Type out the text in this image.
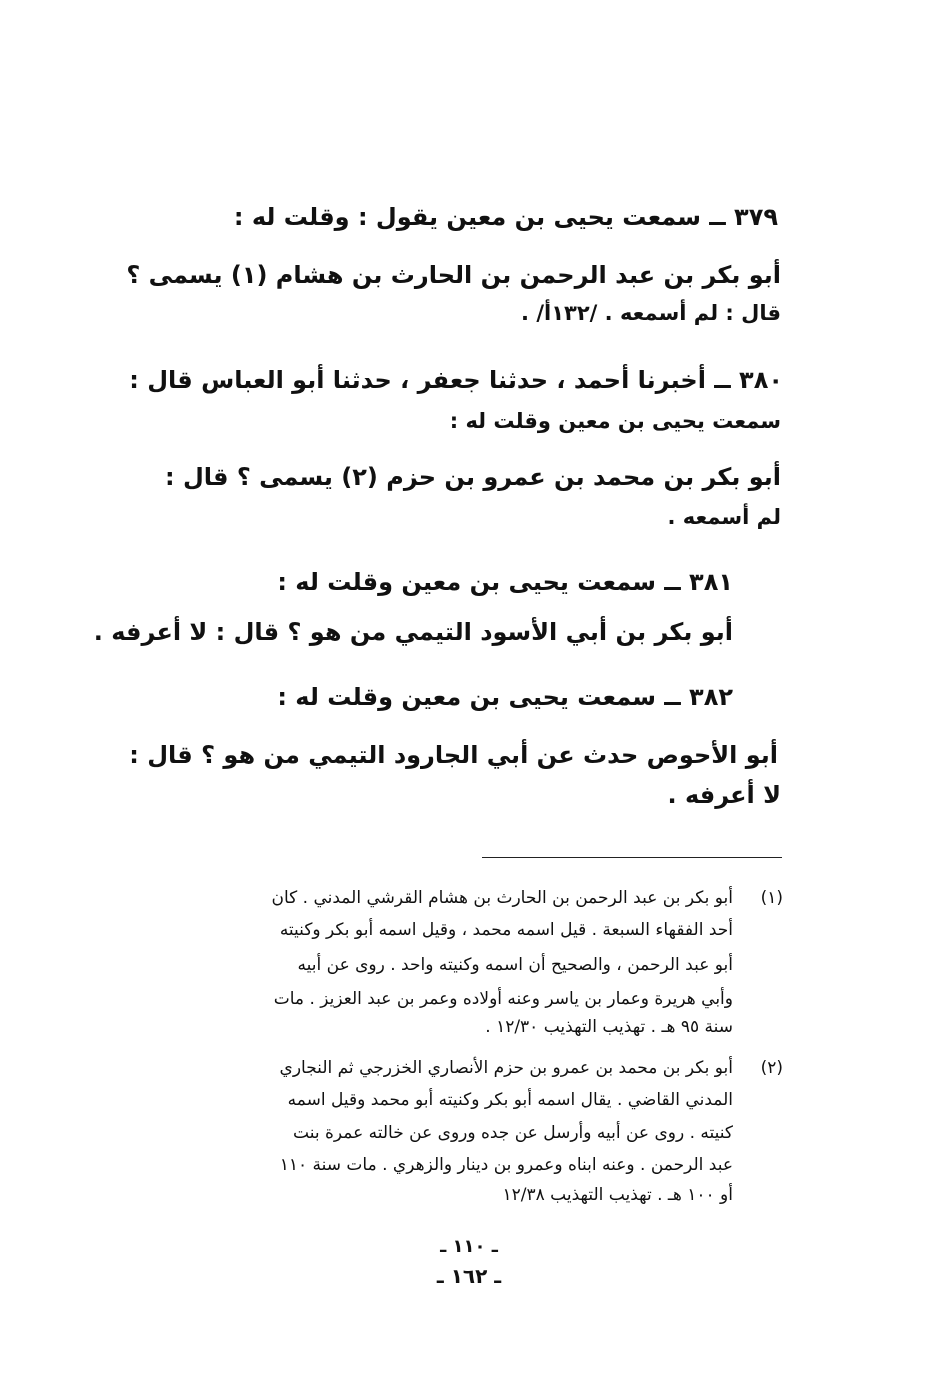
٣٧٩ ــ سمعت يحيى بن معين يقول : وقلت له :
أبو بكر بن عبد الرحمن بن الحارث بن هشام (١) يسمى ؟
قال : لم أسمعه . /١٣٢أ/ .
٣٨٠ ــ أخبرنا أحمد ، حدثنا جعفر ، حدثنا أبو العباس قال :
سمعت يحيى بن معين وقلت له :
أبو بكر بن محمد بن عمرو بن حزم (٢) يسمى ؟ قال :
لم أسمعه .
٣٨١ ــ سمعت يحيى بن معين وقلت له :
أبو بكر بن أبي الأسود التيمي من هو ؟ قال : لا أعرفه .
٣٨٢ ــ سمعت يحيى بن معين وقلت له :
أبو الأحوص حدث عن أبي الجارود التيمي من هو ؟ قال :
لا أعرفه .
(١)
أبو بكر بن عبد الرحمن بن الحارث بن هشام القرشي المدني . كان
أحد الفقهاء السبعة . قيل اسمه محمد ، وقيل اسمه أبو بكر وكنيته
أبو عبد الرحمن ، والصحيح أن اسمه وكنيته واحد . روى عن أبيه
وأبي هريرة وعمار بن ياسر وعنه أولاده وعمر بن عبد العزيز . مات
سنة ٩٥ هـ . تهذيب التهذيب ١٢/٣٠ .
(٢)
أبو بكر بن محمد بن عمرو بن حزم الأنصاري الخزرجي ثم النجاري
المدني القاضي . يقال اسمه أبو بكر وكنيته أبو محمد وقيل اسمه
كنيته . روى عن أبيه وأرسل عن جده وروى عن خالته عمرة بنت
عبد الرحمن . وعنه ابناه وعمرو بن دينار والزهري . مات سنة ١١٠
أو ١٠٠ هـ . تهذيب التهذيب ١٢/٣٨
ـ ١١٠ ـ
ـ ١٦٢ ـ
